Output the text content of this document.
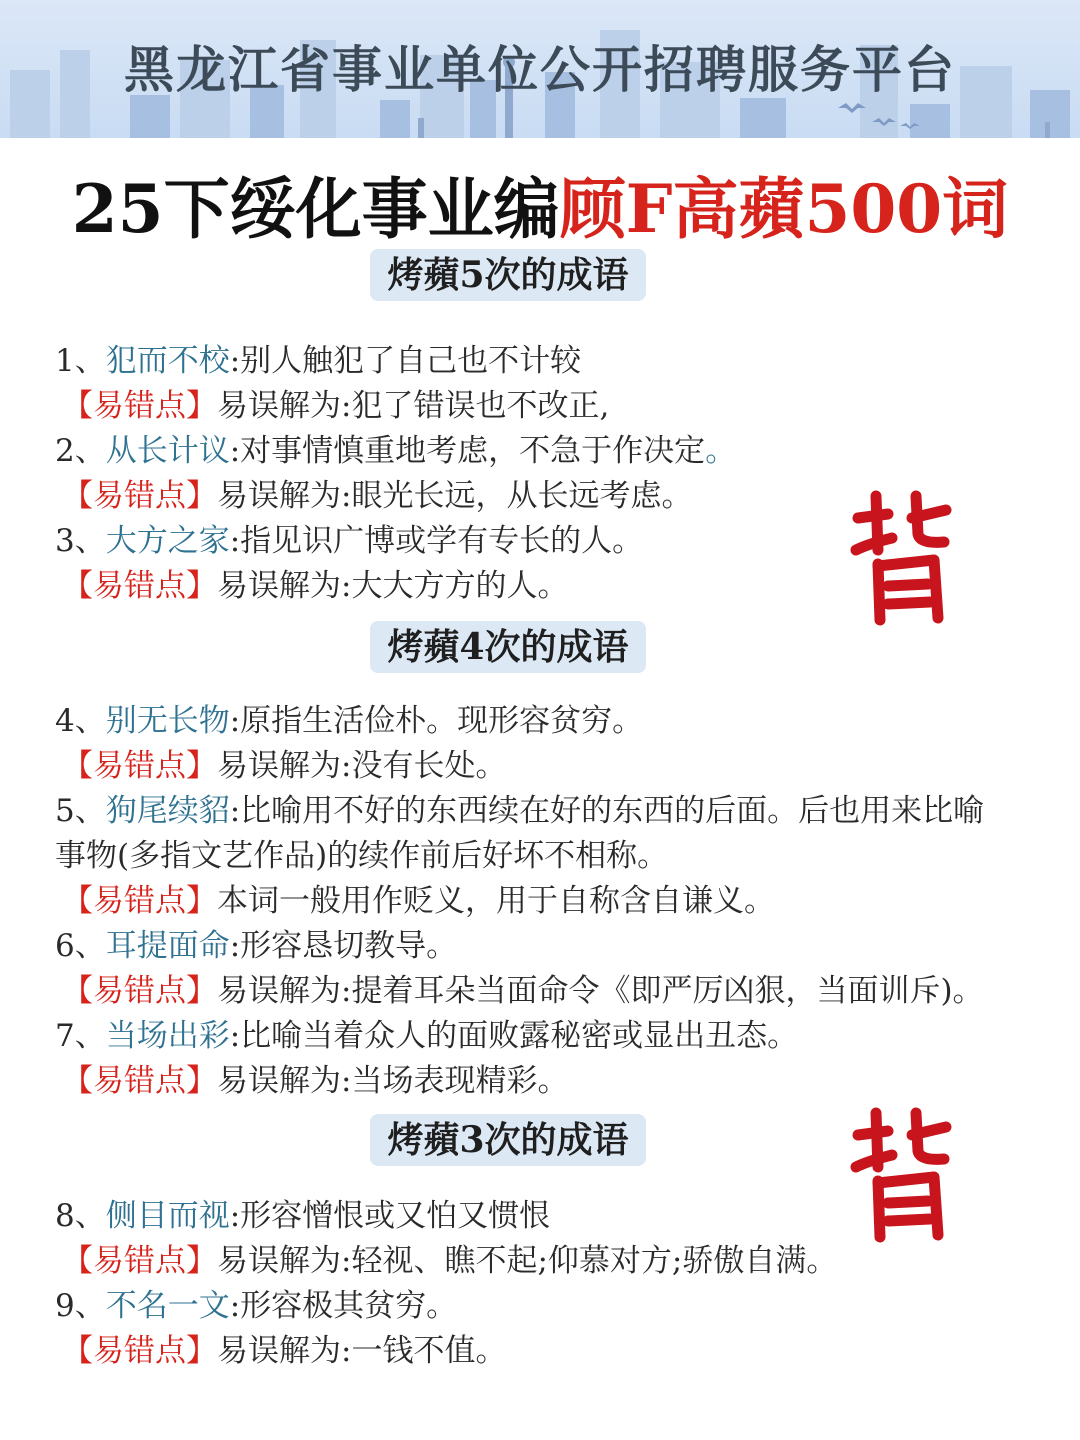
黑龙江省事业单位公开招聘服务平台
25下绥化事业编顾F高蘋500词
烤蘋5次的成语
1、犯而不校:别人触犯了自己也不计较
【易错点】易误解为:犯了错误也不改正,
2、从长计议:对事情慎重地考虑，不急于作决定。
【易错点】易误解为:眼光长远，从长远考虑。
3、大方之家:指见识广博或学有专长的人。
【易错点】易误解为:大大方方的人。
烤蘋4次的成语
4、别无长物:原指生活俭朴。现形容贫穷。
【易错点】易误解为:没有长处。
5、狗尾续貂:比喻用不好的东西续在好的东西的后面。后也用来比喻
事物(多指文艺作品)的续作前后好坏不相称。
【易错点】本词一般用作贬义，用于自称含自谦义。
6、耳提面命:形容恳切教导。
【易错点】易误解为:提着耳朵当面命令《即严厉凶狠，当面训斥)。
7、当场出彩:比喻当着众人的面败露秘密或显出丑态。
【易错点】易误解为:当场表现精彩。
烤蘋3次的成语
8、侧目而视:形容憎恨或又怕又惯恨
【易错点】易误解为:轻视、瞧不起;仰慕对方;骄傲自满。
9、不名一文:形容极其贫穷。
【易错点】易误解为:一钱不值。
